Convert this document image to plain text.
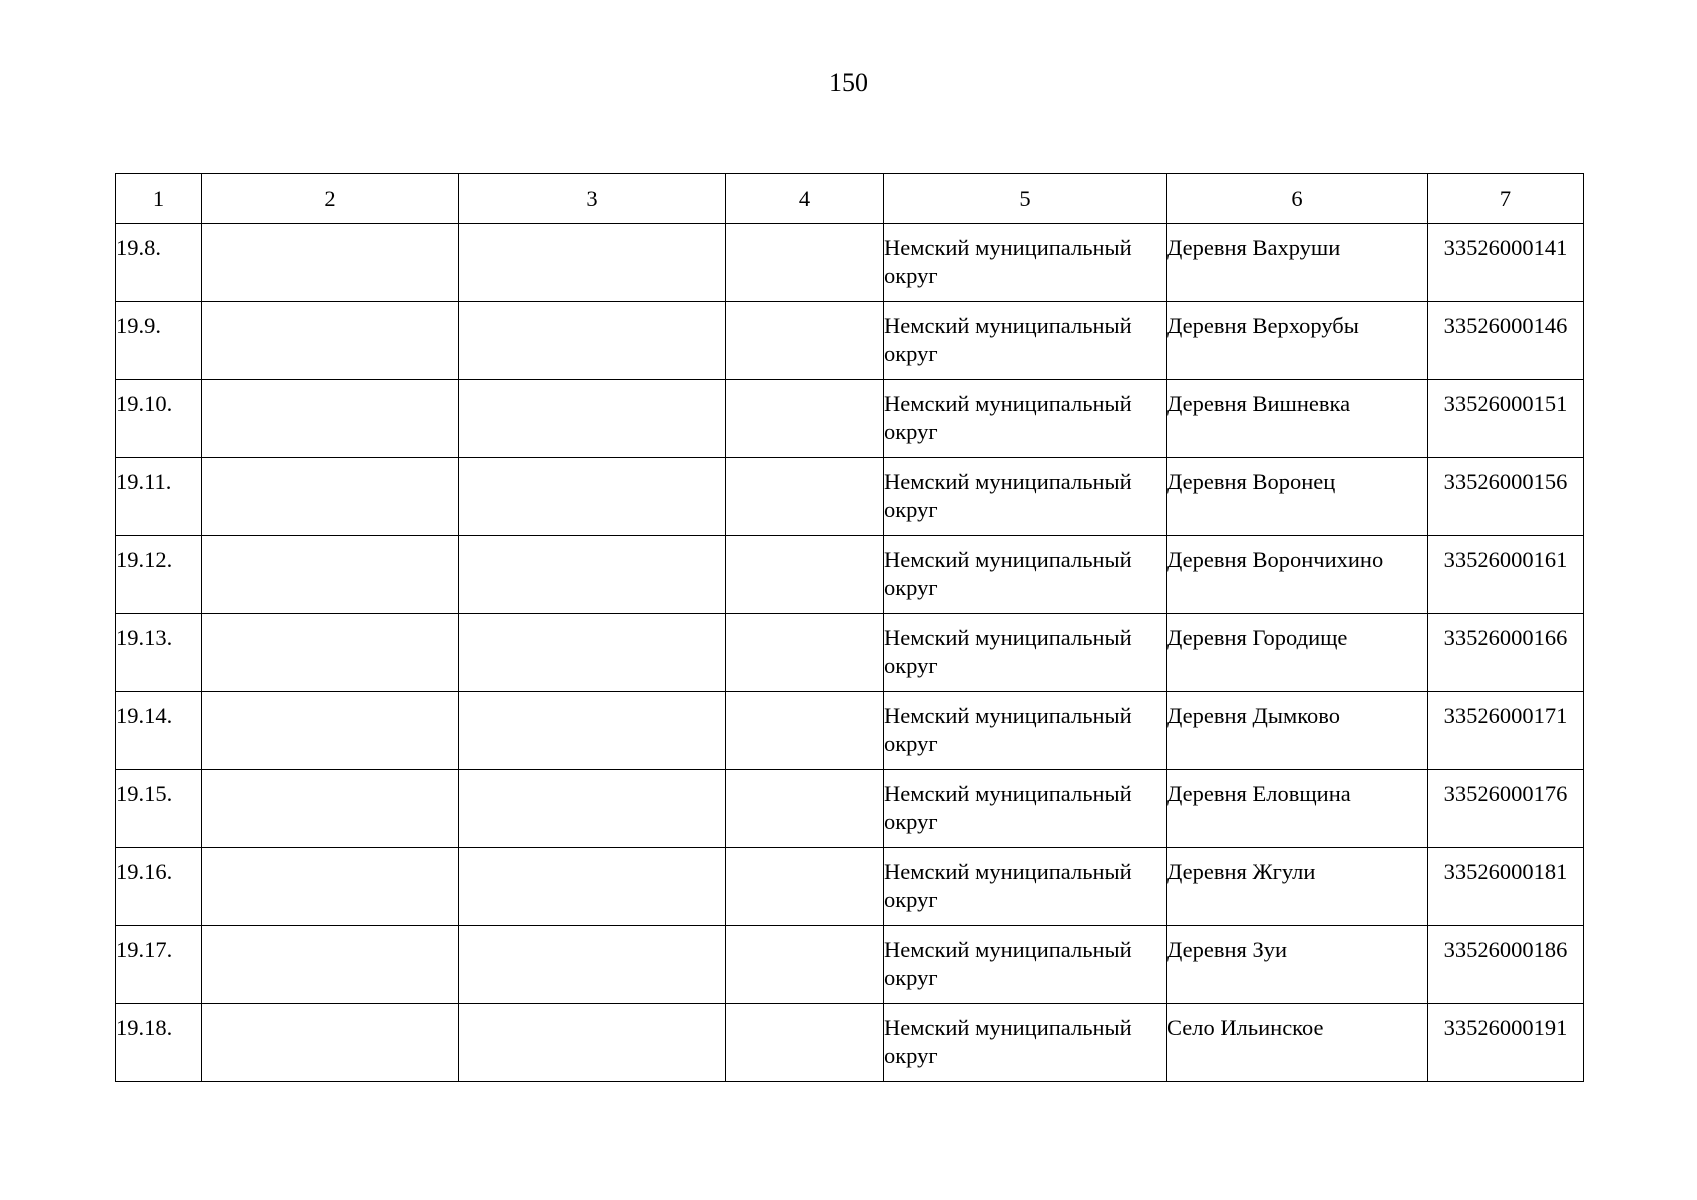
150
1	2	3	4	5	6	7
19.8.				Немский муниципальный округ	Деревня Вахруши	33526000141
19.9.				Немский муниципальный округ	Деревня Верхорубы	33526000146
19.10.				Немский муниципальный округ	Деревня Вишневка	33526000151
19.11.				Немский муниципальный округ	Деревня Воронец	33526000156
19.12.				Немский муниципальный округ	Деревня Ворончихино	33526000161
19.13.				Немский муниципальный округ	Деревня Городище	33526000166
19.14.				Немский муниципальный округ	Деревня Дымково	33526000171
19.15.				Немский муниципальный округ	Деревня Еловщина	33526000176
19.16.				Немский муниципальный округ	Деревня Жгули	33526000181
19.17.				Немский муниципальный округ	Деревня Зуи	33526000186
19.18.				Немский муниципальный округ	Село Ильинское	33526000191
